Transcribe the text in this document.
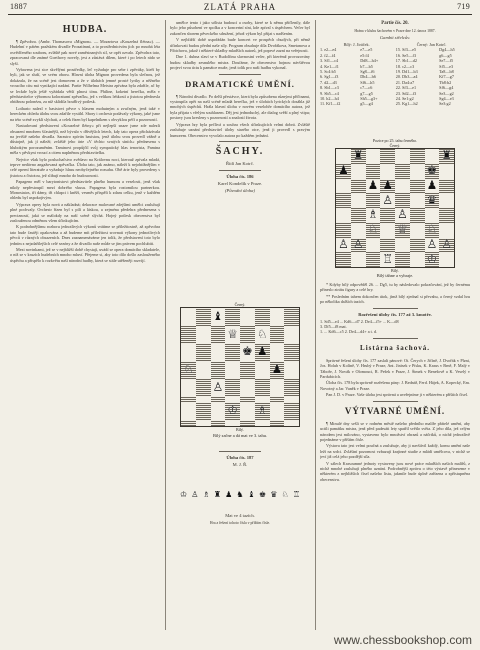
1887	ZLATÁ PRAHA	719
HUDBA.

¶ Zpěvohra. (Ambr. Thomasova »Mignon«. — Mozartova »Kouzelná flétna«). — Hudební v pátém pražském divadle Prozatímní, a to prostřednictvím jich po mnohá léta osvědčeného souboru, zvláště pak nové zaměstnaných sil, se opět ozvalo. Zpěvohra tato, zpracovaná dle známé Goethovy novely, jest a zůstává dílem, které i po letech rádo se slyší.

Vybavena jest sice skvělými prostředky, leč vyžaduje pro sebe i zpěváky, kteří by byli, jak se sluší, ve svém oboru. Hlavní úloha Mignon provedena byla slečnou, jež dokázala, že na scéně jest domovem a že v úlohách jemné prosté lyriky a něžného vroucího citu má vynikající nadání. Partie Wilhelma Meistra zpívána byla zdařile, ač by se leckde byla ještě vyžádala větší plnost tónu. Philine, koketní herečka, měla v představitelce výbornou koloraturní zpěvačku, jež s velikou lehkostí a jistotou přednesla obtížnou polonézu, za niž sklidila bouřlivý potlesk.

Lothario nalezl v basistovi pěvce s hlasem mohutným a zvučným, jenž také v hereckém ohledu úlohu svou zdařile vystihl. Sbory i orchestr podávaly výkony, jaké jsme na této scéně zvyklí slýchati, a celek řízen byl kapelníkem s obvyklou péčí a pozorností.

Nastudovaní představení »Kouzelné flétny« při nejlepší snaze jsme zde nalezli obsazení mnohem šťastnější, než bývalo v dřívějších letech, kdy tato opera přicházívala na jeviště našeho divadla. Sarastro zpíván basistou, jenž úlohu svou provedl vážně a důstojně, jak jí náleží; zvláště jeho árie »V těchto svatých síních« přednesena s hlubokým porozuměním. Taminovi propůjčil svůj sympatický hlas tenorista, Pamina měla v pěvkyni vroucí a citem naplněnou představitelku.

Nejvíce však bylo posluchačstvo zvědavo na Královnu noci, kterouž zpívala mladá, teprve nedávno angažovaná zpěvačka. Úloha tato, jak známo, náleží k nejobtížnějším v celé operní literatuře a vyžaduje hlasu neobyčejného rozsahu. Obě árie byly provedeny s jistotou a čistotou, jež slibují mnoho do budoucnosti.

Papageno měl v barytonistovi představitele plného humoru a veselosti, jenž však nikdy nepřestoupil mezí dobrého vkusu. Papagena byla roztomilou partnerkou. Monostatos, tři dámy, tři chlapci i kněží, vesměs přispěli k zdaru celku, jenž v každém ohledu byl uspokojivým.

Výprava opery byla nová a nákladná; dekorace malované zdejšími umělci zasluhují plné pochvaly. Orchestr řízen byl s pílí a láskou, a zejména předehra přednesena s precizností, jaká se málokdy na naší scéně slýchá. Hojný potlesk obecenstva byl zaslouženou odměnou všem účinkujícím.

K podrobnějšímu rozboru jednotlivých výkonů vrátíme se příležitostně, až zpěvohra tato bude častěji opakována a až budeme mít příležitost srovnati výkony jednotlivých pěvců v různých obsazeních. Dnes zaznamenáváme jen tolik, že představení toto bylo jedním z nejzdařilejších celé sezóny a že divadlo naše může se jím právem pochlubiti.

Mezi novinkami, jež se v nejbližší době chystají, uvádí se opera domácího skladatele, o níž se v kruzích hudebních mnoho mluví. Přejeme si, aby toto dílo došlo zaslouženého úspěchu a přispělo k rozkvětu naší národní hudby, která se stále utěšeněji rozvíjí.

umělce tento i jako sólista budoucí a osoby, které se k němu přičlenily, dále bylo jeho působení ve spolku a v koncertní síni, kde zpíval s úspěchem. Večer byl zakončen sborem pěveckého sdružení, jehož výkon byl přijat s nadšením.

V nejbližší době uspořádán bude koncert ve prospěch chudých, při němž účinkovati budou přední naše síly. Program obsahuje díla Dvořákova, Smetanova a Fibichova, jakož i některé skladby mladších autorů, jež poprvé zazní na veřejnosti.

Dne 1. dubna slaví se v Rudolfinu slavnostní večer, při kterémž provozovány budou skladby zesnulého mistra. Doufáme, že obecenstvo hojnou návštěvou projeví svou úctu k památce muže, jenž tolik pro naši hudbu vykonal.

DRAMATICKÉ UMĚNÍ.

¶ Národní divadlo. Po delší přestávce, která byla způsobena různými příčinami, vystoupila opět na naší scéně mladá herečka, jež v úlohách lyrických dosáhla již mnohých úspěchů. Hrála hlavní úlohu v novém veselohře domácího autora, jež byla přijata s vřelým souhlasem. Děj jest jednoduchý, ale dialog svěží a plný vtipu; postavy jsou kresleny s pozorností a znalostí života.

Výprava hry byla pečlivá a souhra všech účinkujících velmi dobrá. Zvláště zasluhuje uznání představitel úlohy starého otce, jenž ji provedl s pravým humorem. Obecenstvo vyvolalo autora po každém jednání.

ŠACHY.
Řídí Jan Kotrč.
Úloha čís. 186
Karel Kondelík v Praze.
(Původní úloha)
Černý.
♝
♕ ♘
♚ ♟
♘	♟
♙
♔ ♗
Bílý.
Bílý začne a dá mat ve 3. tahu.
Úloha čís. 187
M. J. Ř.
♔ ♙ ♗ ♜ ♟ ♞ ♝ ♚ ♛ ♘ ♖
Mat ve 4 tazích.
Hra a řešení tohoto čísla v příštím čísle.
Partie čís. 20.
Hrána v klubu šachovém v Praze dne 12. února 1887.
Gambit střelcův.
Bílý: J. Jiráček.	Černý: Jan Kotrč.
1. e2—e4	e7—e5	15. Sf3—e5	Dg4—h5
2. f2—f4	e5:f4	16. Se5—f3	g6—g5
3. Sf1—c4	Dd8—h4+	17. Sb1—d2	Se7—f5
4. Ke1—f1	b7—b5	18. c2—c3	Sf5—e3
5. Sc4:b5	Sg8—f6	19. Dd1—b3	Ta8—b8
6. Sg1—f3	Dh4—h6	20. Db3—a4	Kf7—g7
7. d2—d3	Sf6—h5	21. Da4:a7	Tb8:b2
8. Sb1—c3	c7—c6	22. Sf3—e1	Sf6—g4
9. Sb5—c4	g7—g5	23. Sd2—f3	Se3—g2
10. h2—h4	Sh5—g3+	24. Se1:g2	Sg4—e3
11. Kf1—f2	g5—g4	25. Kg1—h2	Se3:g2
Pozice po 25. tahu černého.
Černý.
♜	♜
♟	♚
♟ ♟	♟
♙	♛
♗ ♙
♘ ♕ ♘
♙ ♙	♙ ♙
♖	♔
Bílý.
Bílý táhne a vyhraje.

* Kdyby bílý odpověděl 26. ... Dg5, tu by následovalo pokračování, jež by černému přineslo ztrátu figury a celé hry.

** Posledním tahem dokončen útok, jímž bílý zjednal si převahu, a černý vzdal hru po několika dalších tazích.

Rozřešení úlohy čís. 177 až 3. kmotře.
1. Sd5—e4 ... Kd6—d7 2. De4—f5+ ... K—d8
3. Df5—f8 mat.
1. ... Kd6—c5 2. De4—d4+ a t. d.
Listárna šachová.

Správné řešení úlohy čís. 177 zaslali pánové: Ot. Čerych v Jičíně, J. Dvořák v Plzni, Jos. Holub v Kolíně, V. Hrubý v Praze, Ant. Jirásek v Písku, K. Kraus v Brně, F. Malý v Táboře, J. Novák v Olomouci, R. Pešek v Praze, J. Šimek v Benešově a K. Veselý v Pardubicích.

Úloha čís. 178 byla správně rozřešena pány: J. Bednář, Ferd. Hájek, A. Kopecký, Em. Novotný a Jar. Vaněk v Praze.

Pan J. D. v Praze. Vaše úloha jest správná a uveřejníme ji v některém z příštích čísel.

VÝTVARNÉ UMĚNÍ.

¶ Minulé dny sešli se v rodném městě našeho předního malíře přátelé umění, aby uctili památku mistra, jenž před padesáti lety spatřil světlo světa. Z jeho díla, jež celým národem jest milováno, vystaveno bylo množství obrazů a náčrtků, o nichž jednotlivě pojednáme v příštím čísle.

Výstava tato jest velmi poučná a zasluhuje, aby ji navštívil každý, komu umění naše leží na srdci. Zvláštní pozornost vzbuzují krajinné studie z mládí umělcova, v nichž se jeví již celá jeho pozdější síla.

V sálech Krasoumné jednoty vystaveny jsou nové práce mladších našich malířů, z nichž mnohé zasluhují plného uznání. Podrobnější zprávu o této výstavě přineseme v některém z nejbližších čísel našeho listu, jakmile bude úplně zařízena a zpřístupněna obecenstvu.

www.chessbookshop.com
